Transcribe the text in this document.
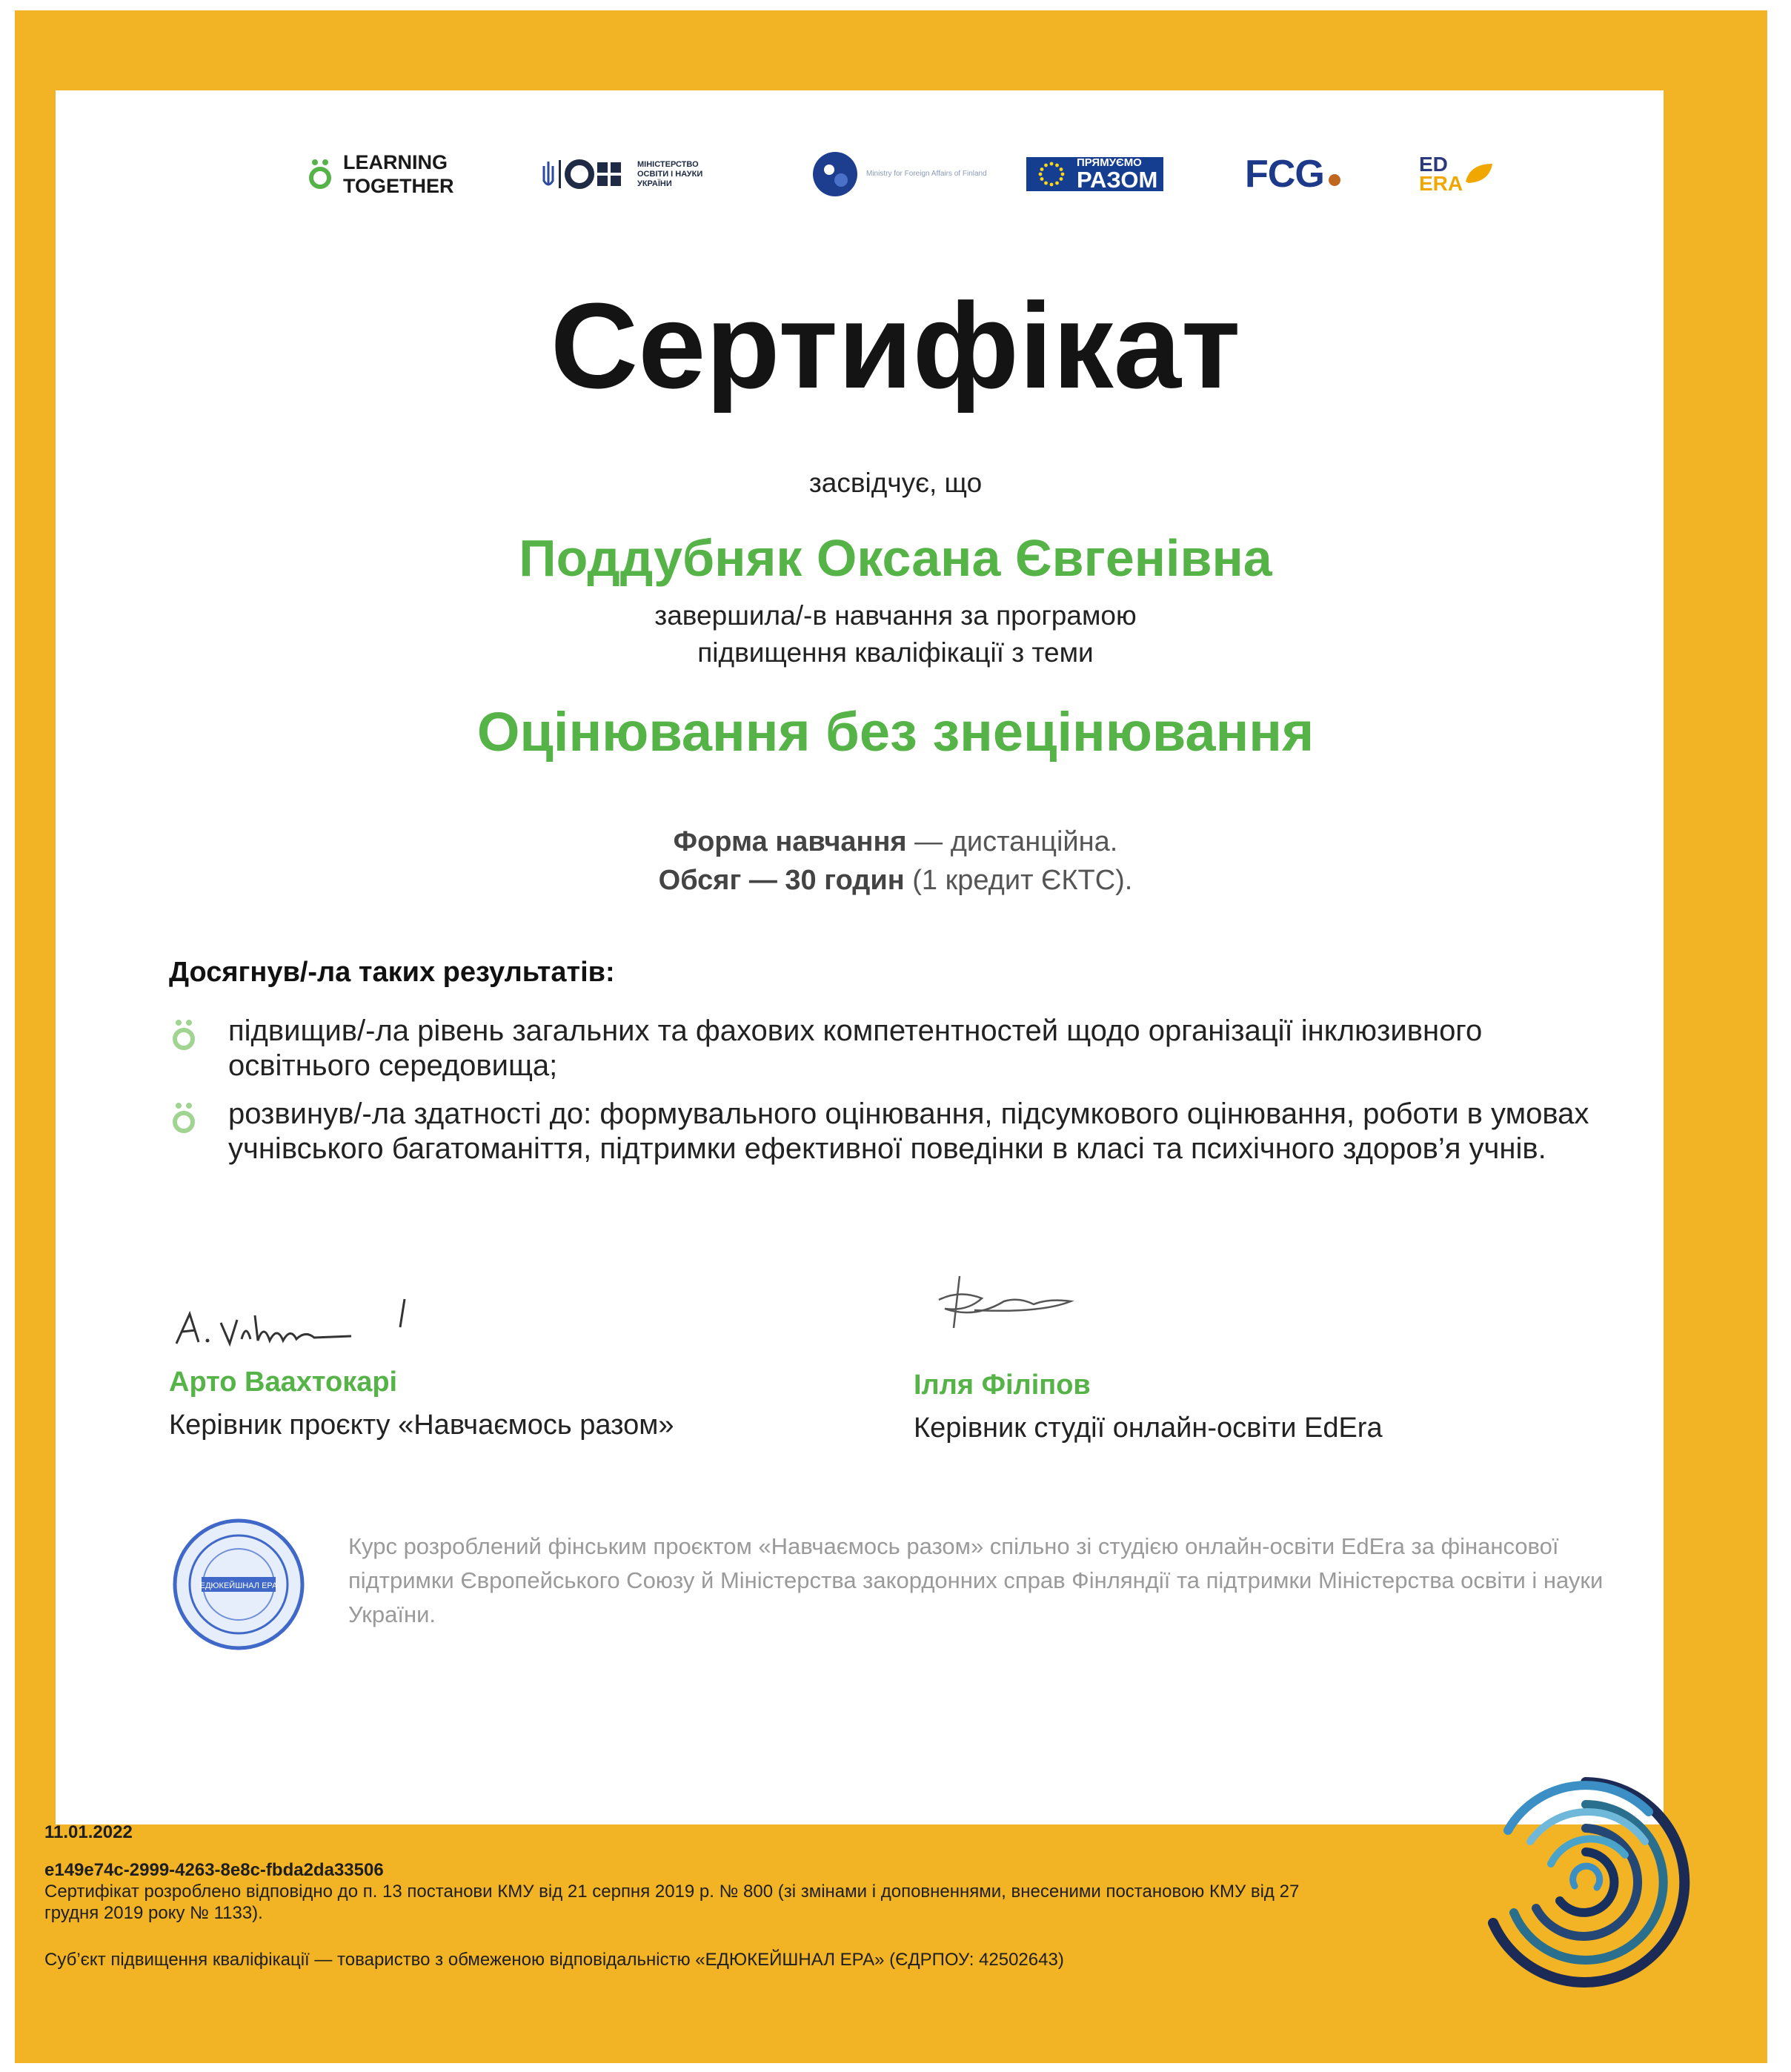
LEARNING TOGETHER
МІНІСТЕРСТВО ОСВІТИ І НАУКИ УКРАЇНИ
Ministry for Foreign Affairs of Finland
ПРЯМУЄМО
РАЗОМ FCG	ED
ERA
Сертифікат
засвідчує, що
Поддубняк Оксана Євгенівна
завершила/-в навчання за програмою
підвищення кваліфікації з теми
Оцінювання без знецінювання
Форма навчання — дистанційна.
Обсяг — 30 годин (1 кредит ЄКТС).
Досягнув/-ла таких результатів:
підвищив/-ла рівень загальних та фахових компетентностей щодо організації інклюзивного освітнього середовища;
розвинув/-ла здатності до: формувального оцінювання, підсумкового оцінювання, роботи в умовах учнівського багатоманіття, підтримки ефективної поведінки в класі та психічного здоров’я учнів.
Арто Ваахтокарі
Керівник проєкту «Навчаємось разом»
Ілля Філіпов
Керівник студії онлайн-освіти EdEra
ЕДЮКЕЙШНАЛ ЕРА
Курс розроблений фінським проєктом «Навчаємось разом» спільно зі студією онлайн-освіти EdEra за фінансової підтримки Європейського Союзу й Міністерства закордонних справ Фінляндії та підтримки Міністерства освіти і науки України.
11.01.2022
e149e74c-2999-4263-8e8c-fbda2da33506
Сертифікат розроблено відповідно до п. 13 постанови КМУ від 21 серпня 2019 р. № 800 (зі змінами і доповненнями, внесеними постановою КМУ від 27 грудня 2019 року № 1133).
Суб’єкт підвищення кваліфікації — товариство з обмеженою відповідальністю «ЕДЮКЕЙШНАЛ ЕРА» (ЄДРПОУ: 42502643)
